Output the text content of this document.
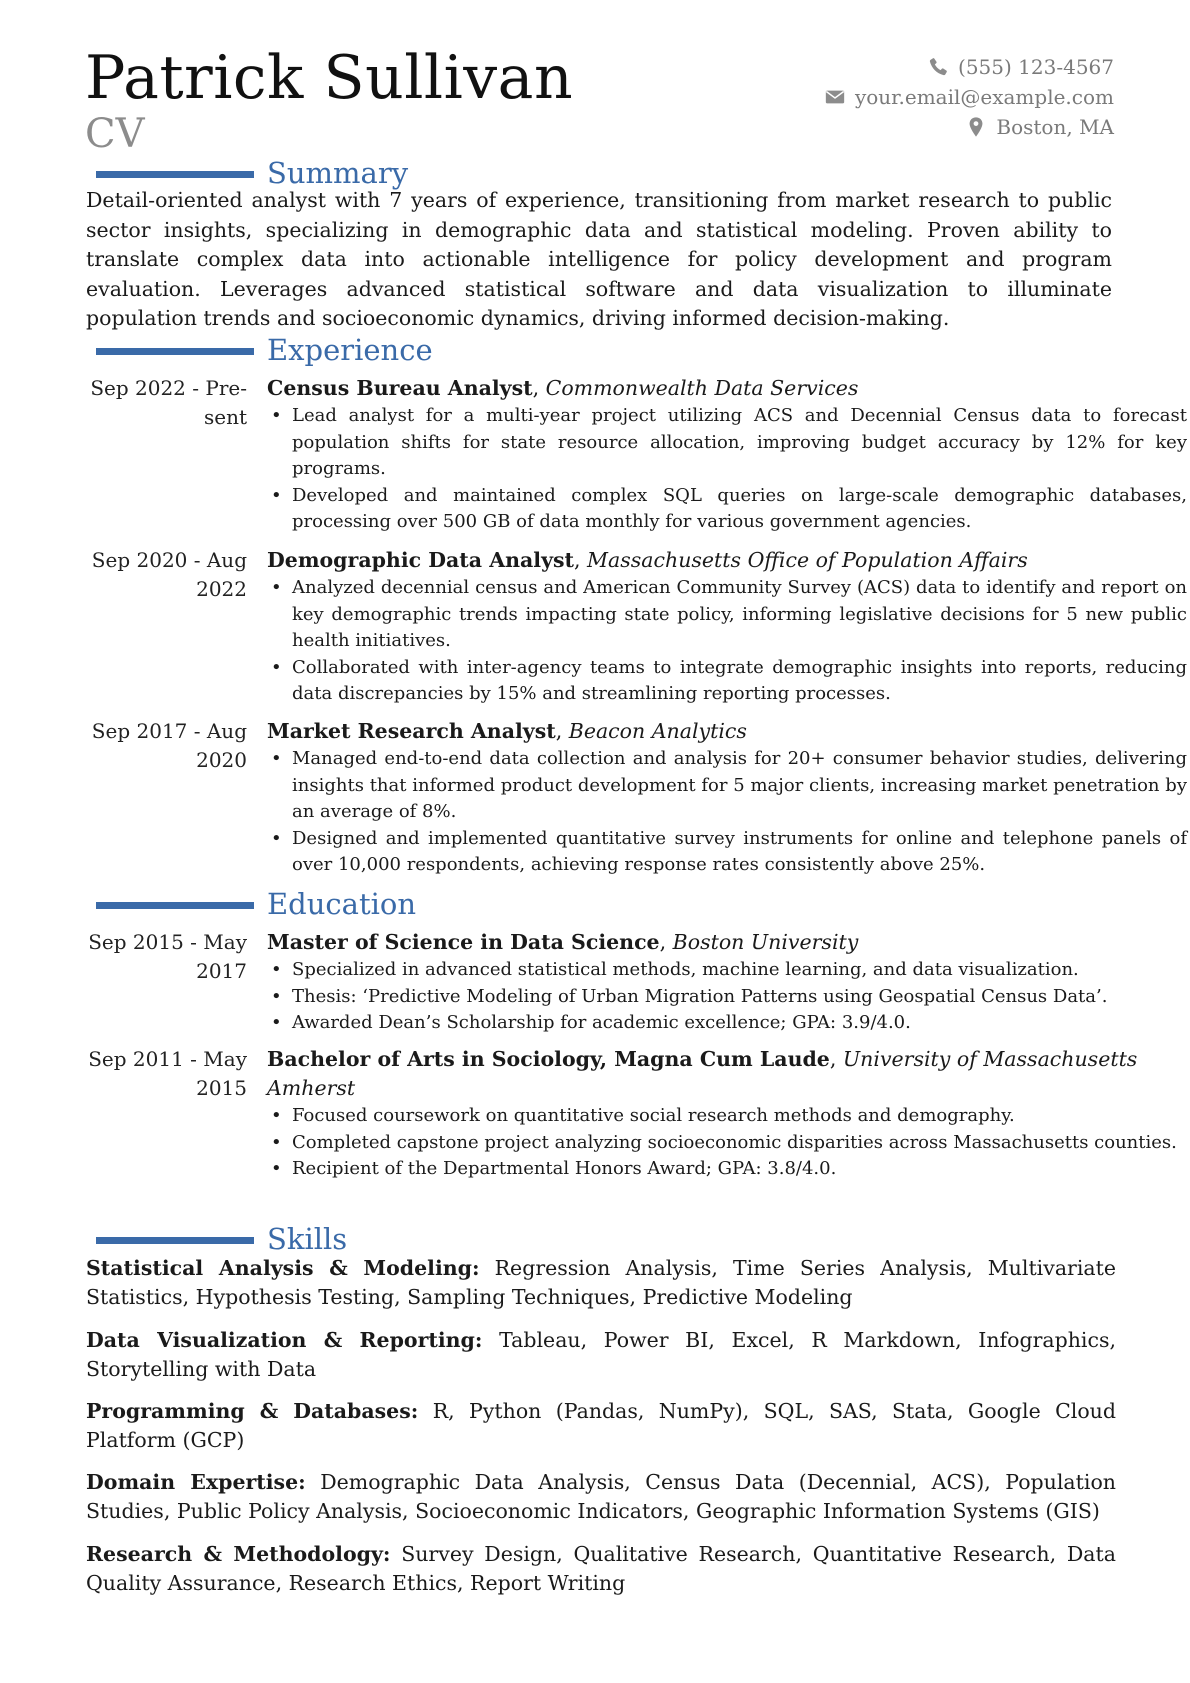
Patrick Sullivan
CV
(555) 123-4567
your.email@example.com
Boston, MA
Summary

Detail-oriented analyst with 7 years of experience, transitioning from market research to public sector insights, specializing in demographic data and statistical modeling. Proven ability to translate complex data into actionable intelligence for policy development and program evaluation. Leverages advanced statistical software and data visualization to illuminate population trends and socioeconomic dynamics, driving informed decision-making.

Experience
Sep 2022 - Pre-
sent

Census Bureau Analyst, Commonwealth Data Services

• Lead analyst for a multi-year project utilizing ACS and Decennial Census data to forecast population shifts for state resource allocation, improving budget accuracy by 12% for key programs.
• Developed and maintained complex SQL queries on large-scale demographic databases, processing over 500 GB of data monthly for various government agencies.
Sep 2020 - Aug
2022

Demographic Data Analyst, Massachusetts Office of Population Affairs

• Analyzed decennial census and American Community Survey (ACS) data to identify and report on key demographic trends impacting state policy, informing legislative decisions for 5 new public health initiatives.
• Collaborated with inter-agency teams to integrate demographic insights into reports, reducing data discrepancies by 15% and streamlining reporting processes.
Sep 2017 - Aug
2020

Market Research Analyst, Beacon Analytics

• Managed end-to-end data collection and analysis for 20+ consumer behavior studies, delivering insights that informed product development for 5 major clients, increasing market penetration by an average of 8%.
• Designed and implemented quantitative survey instruments for online and telephone panels of over 10,000 respondents, achieving response rates consistently above 25%.
Education
Sep 2015 - May
2017

Master of Science in Data Science, Boston University

• Specialized in advanced statistical methods, machine learning, and data visualization.
• Thesis: ‘Predictive Modeling of Urban Migration Patterns using Geospatial Census Data’.
• Awarded Dean’s Scholarship for academic excellence; GPA: 3.9/4.0.
Sep 2011 - May
2015

Bachelor of Arts in Sociology, Magna Cum Laude, University of Massachusetts Amherst

• Focused coursework on quantitative social research methods and demography.
• Completed capstone project analyzing socioeconomic disparities across Massachusetts counties.
• Recipient of the Departmental Honors Award; GPA: 3.8/4.0.
Skills

Statistical Analysis & Modeling: Regression Analysis, Time Series Analysis, Multivariate Statistics, Hypothesis Testing, Sampling Techniques, Predictive Modeling

Data Visualization & Reporting: Tableau, Power BI, Excel, R Markdown, Infographics, Storytelling with Data

Programming & Databases: R, Python (Pandas, NumPy), SQL, SAS, Stata, Google Cloud Platform (GCP)

Domain Expertise: Demographic Data Analysis, Census Data (Decennial, ACS), Population Studies, Public Policy Analysis, Socioeconomic Indicators, Geographic Information Systems (GIS)

Research & Methodology: Survey Design, Qualitative Research, Quantitative Research, Data Quality Assurance, Research Ethics, Report Writing
